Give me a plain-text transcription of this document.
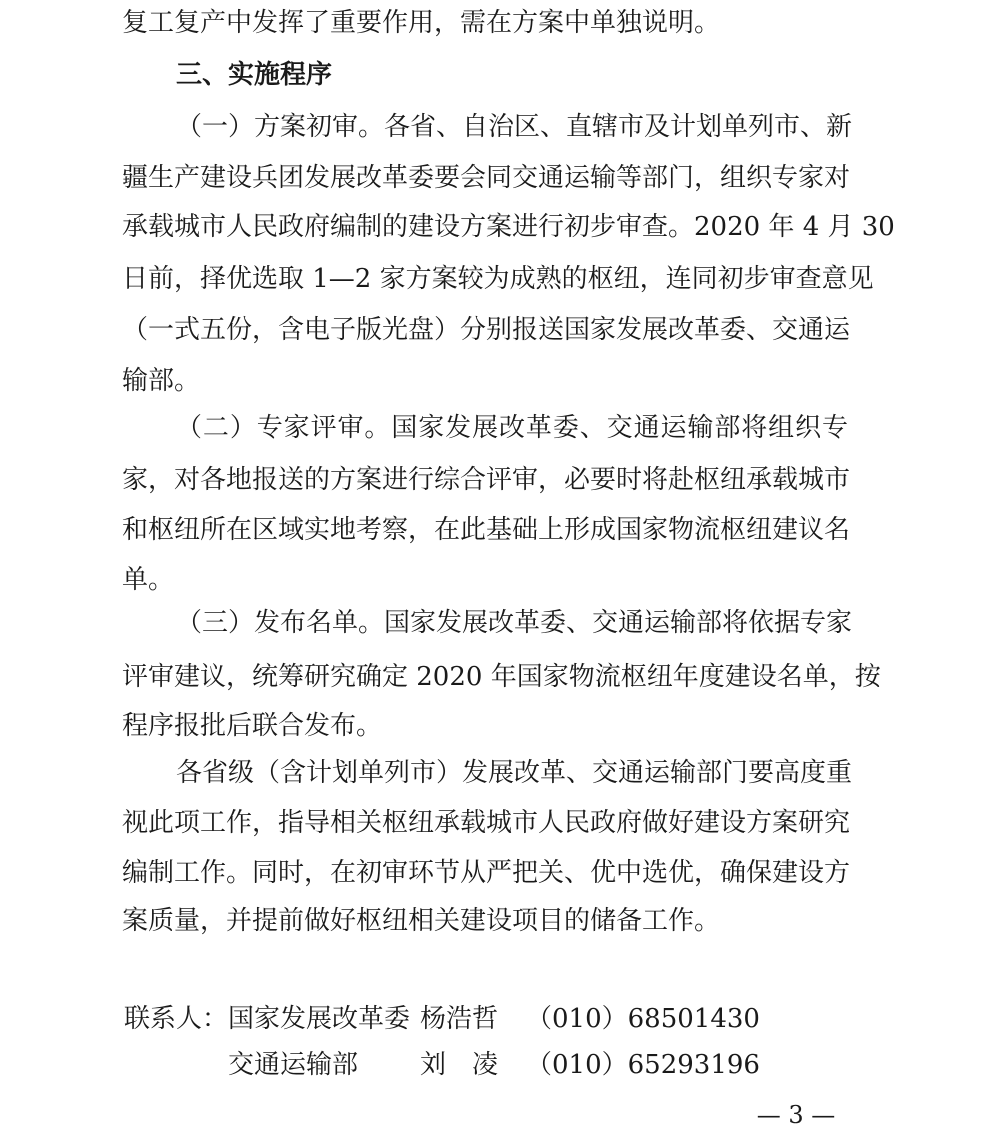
复工复产中发挥了重要作用，需在方案中单独说明。
三、实施程序
（一）方案初审。各省、自治区、直辖市及计划单列市、新
疆生产建设兵团发展改革委要会同交通运输等部门，组织专家对
承载城市人民政府编制的建设方案进行初步审查。2020 年 4 月 30
日前，择优选取 1—2 家方案较为成熟的枢纽，连同初步审查意见
（一式五份，含电子版光盘）分别报送国家发展改革委、交通运
输部。
（二）专家评审。国家发展改革委、交通运输部将组织专
家，对各地报送的方案进行综合评审，必要时将赴枢纽承载城市
和枢纽所在区域实地考察，在此基础上形成国家物流枢纽建议名
单。
（三）发布名单。国家发展改革委、交通运输部将依据专家
评审建议，统筹研究确定 2020 年国家物流枢纽年度建设名单，按
程序报批后联合发布。
各省级（含计划单列市）发展改革、交通运输部门要高度重
视此项工作，指导相关枢纽承载城市人民政府做好建设方案研究
编制工作。同时，在初审环节从严把关、优中选优，确保建设方
案质量，并提前做好枢纽相关建设项目的储备工作。
联系人： 国家发展改革委 杨浩哲 （010）68501430
交通运输部 刘　凌 （010）65293196
— 3 —
